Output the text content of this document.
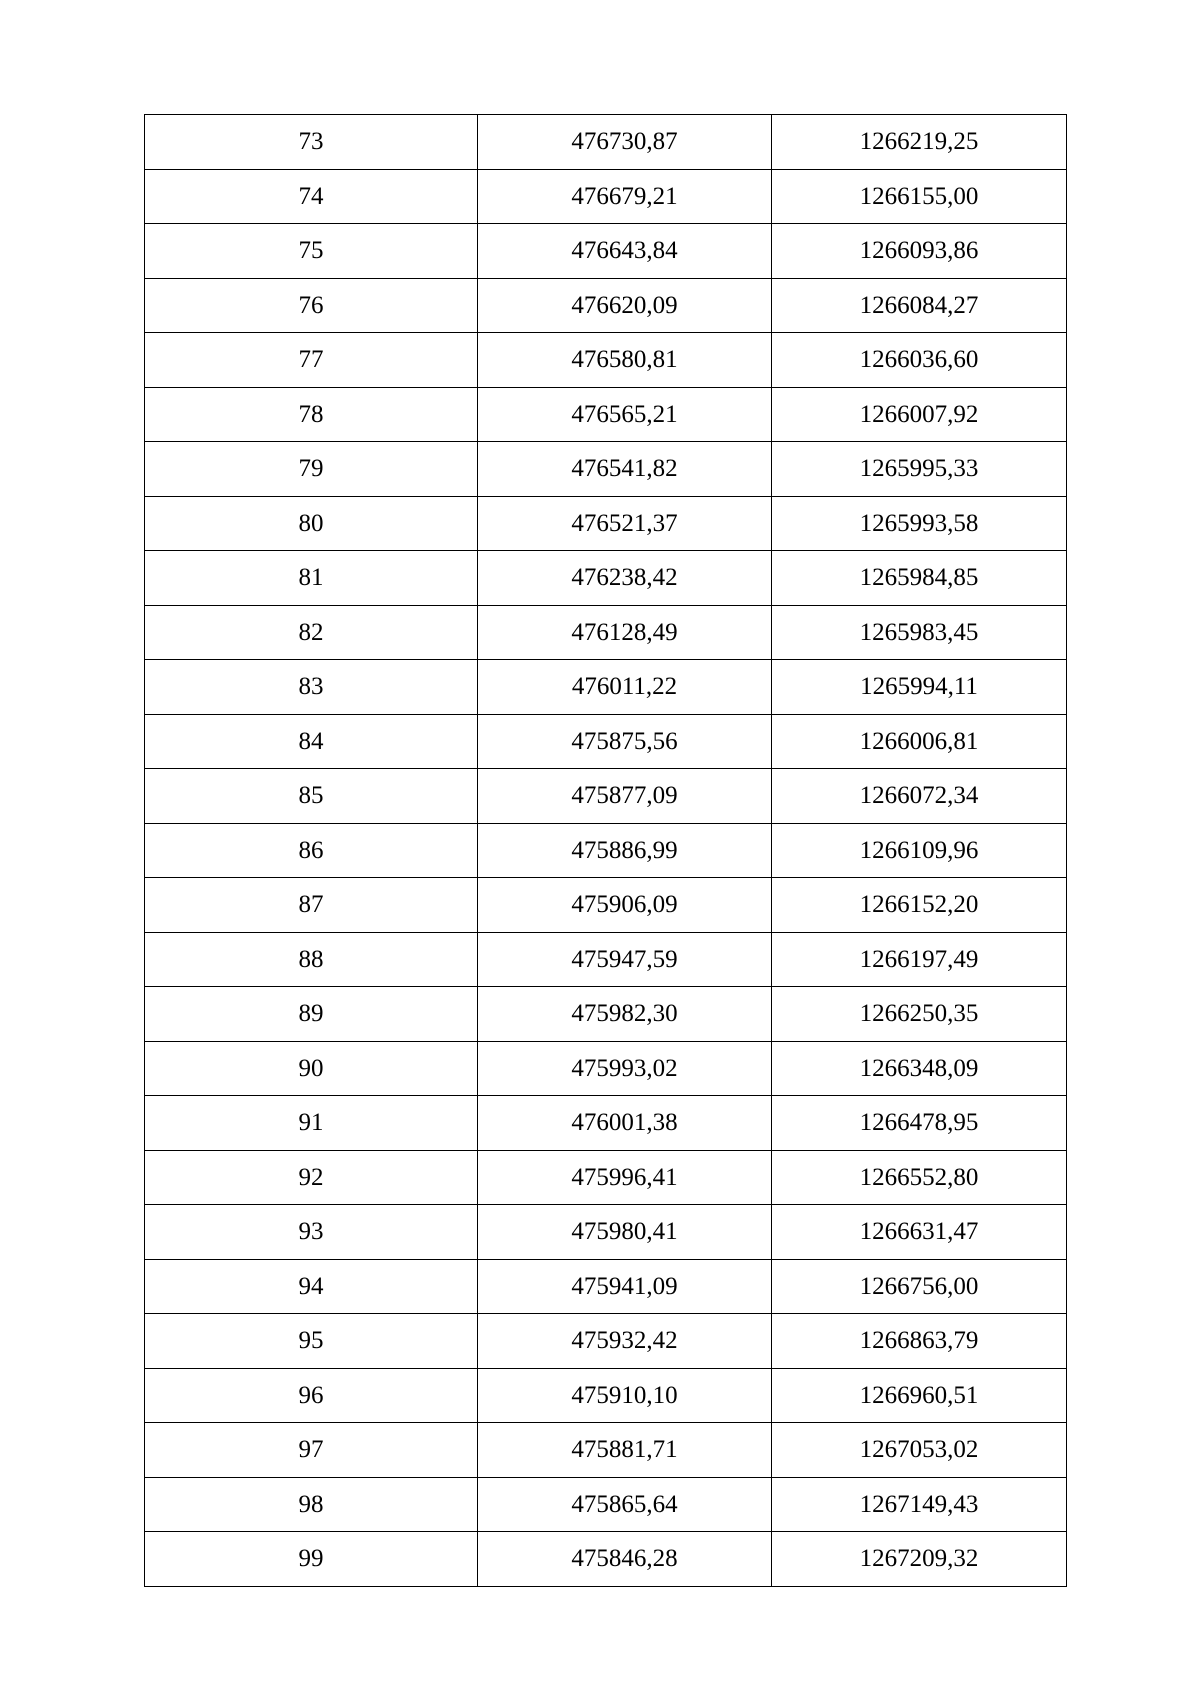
73	476730,87	1266219,25
74	476679,21	1266155,00
75	476643,84	1266093,86
76	476620,09	1266084,27
77	476580,81	1266036,60
78	476565,21	1266007,92
79	476541,82	1265995,33
80	476521,37	1265993,58
81	476238,42	1265984,85
82	476128,49	1265983,45
83	476011,22	1265994,11
84	475875,56	1266006,81
85	475877,09	1266072,34
86	475886,99	1266109,96
87	475906,09	1266152,20
88	475947,59	1266197,49
89	475982,30	1266250,35
90	475993,02	1266348,09
91	476001,38	1266478,95
92	475996,41	1266552,80
93	475980,41	1266631,47
94	475941,09	1266756,00
95	475932,42	1266863,79
96	475910,10	1266960,51
97	475881,71	1267053,02
98	475865,64	1267149,43
99	475846,28	1267209,32
